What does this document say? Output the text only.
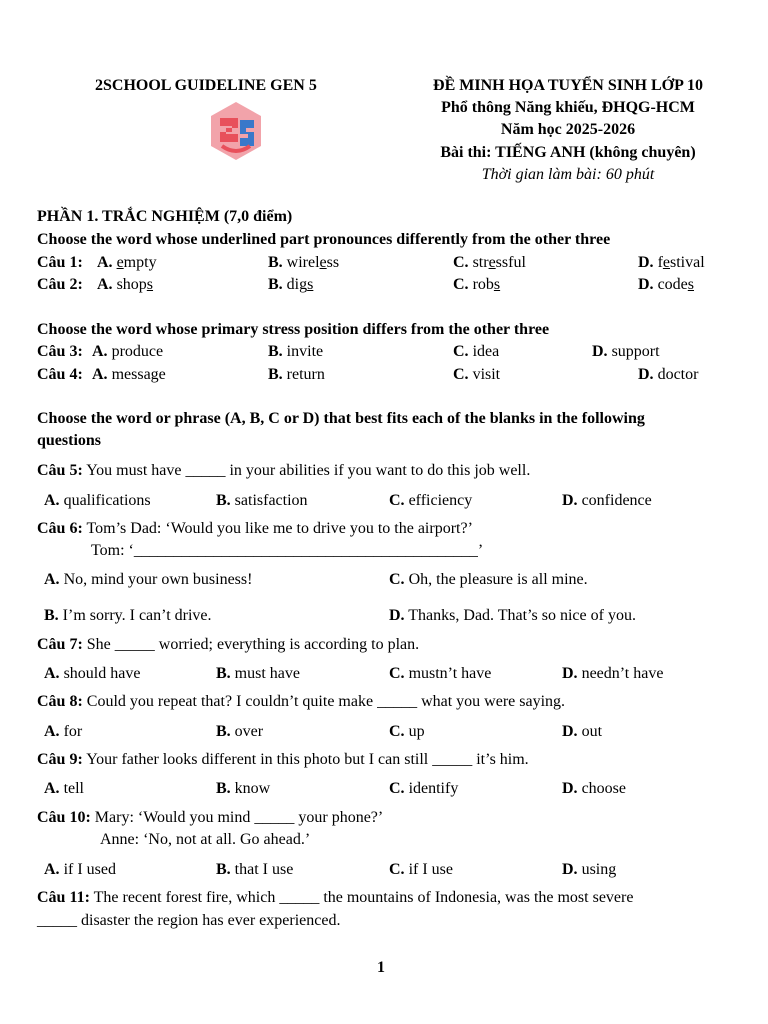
2SCHOOL GUIDELINE GEN 5	ĐỀ MINH HỌA TUYỂN SINH LỚP 10
Phổ thông Năng khiếu, ĐHQG-HCM
Năm học 2025-2026
Bài thi: TIẾNG ANH (không chuyên)
Thời gian làm bài: 60 phút
PHẦN 1. TRẮC NGHIỆM (7,0 điểm)
Choose the word whose underlined part pronounces differently from the other three
Câu 1: A. empty	B. wireless	C. stressful	D. festival
Câu 2: A. shops	B. digs	C. robs	D. codes
Choose the word whose primary stress position differs from the other three
Câu 3: A. produce	B. invite	C. idea	D. support
Câu 4: A. message	B. return	C. visit	D. doctor
Choose the word or phrase (A, B, C or D) that best fits each of the blanks in the following
questions
Câu 5: You must have _____ in your abilities if you want to do this job well.
A. qualifications	B. satisfaction	C. efficiency	D. confidence
Câu 6: Tom’s Dad: ‘Would you like me to drive you to the airport?’
Tom: ‘___________________________________________’
A. No, mind your own business!	C. Oh, the pleasure is all mine.
B. I’m sorry. I can’t drive.	D. Thanks, Dad. That’s so nice of you.
Câu 7: She _____ worried; everything is according to plan.
A. should have	B. must have	C. mustn’t have	D. needn’t have
Câu 8: Could you repeat that? I couldn’t quite make _____ what you were saying.
A. for	B. over	C. up	D. out
Câu 9: Your father looks different in this photo but I can still _____ it’s him.
A. tell	B. know	C. identify	D. choose
Câu 10: Mary: ‘Would you mind _____ your phone?’
Anne: ‘No, not at all. Go ahead.’
A. if I used	B. that I use	C. if I use	D. using
Câu 11: The recent forest fire, which _____ the mountains of Indonesia, was the most severe
_____ disaster the region has ever experienced.
1
